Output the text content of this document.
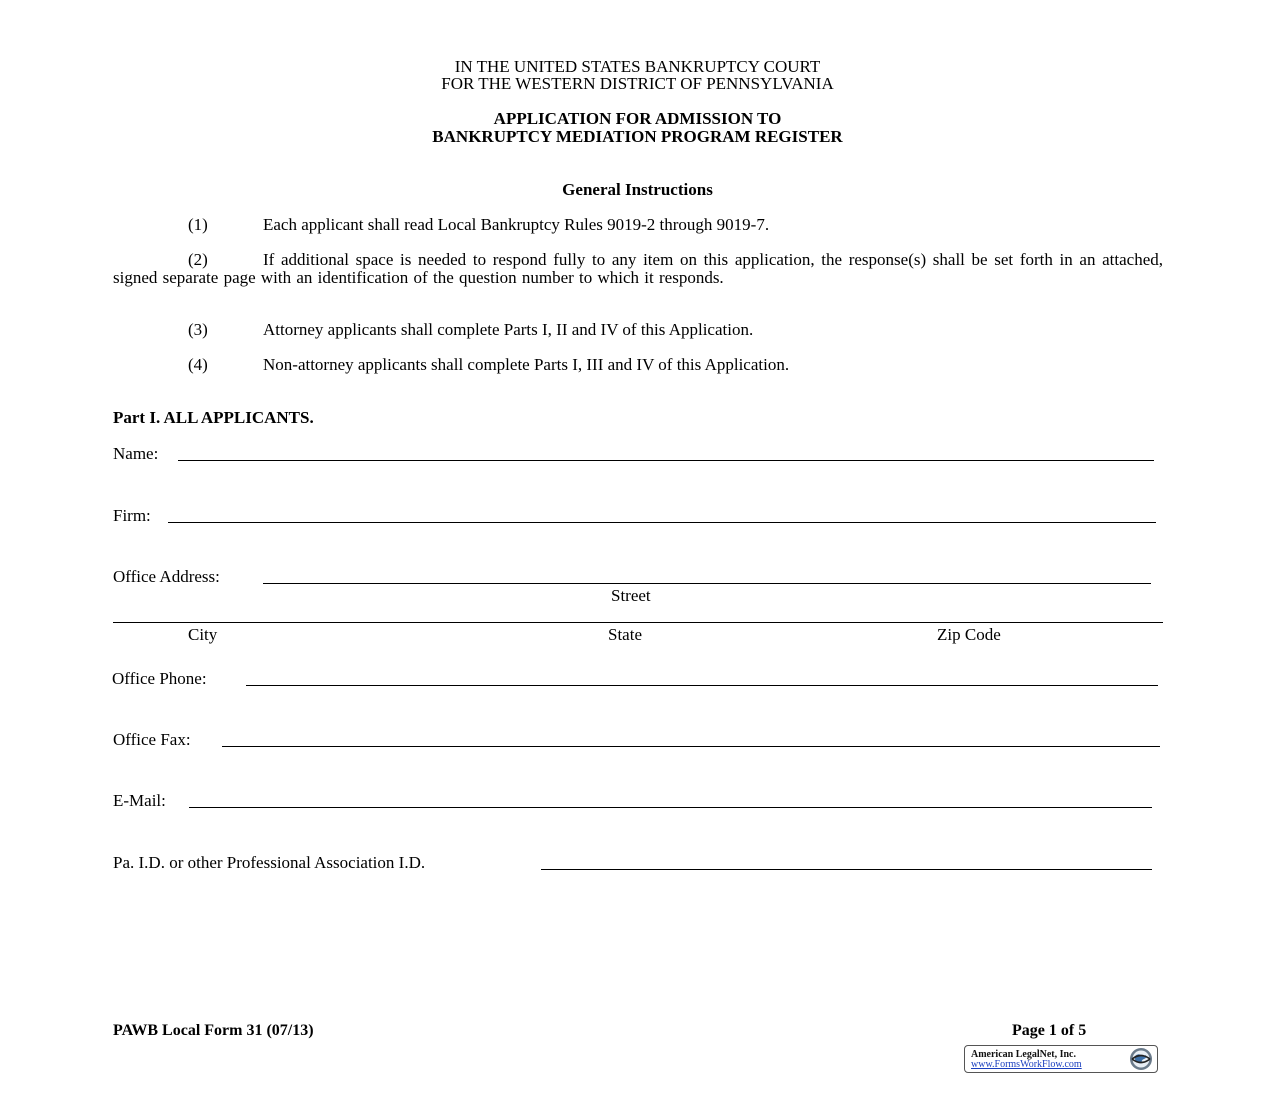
IN THE UNITED STATES BANKRUPTCY COURT
FOR THE WESTERN DISTRICT OF PENNSYLVANIA
APPLICATION FOR ADMISSION TO
BANKRUPTCY MEDIATION PROGRAM REGISTER
General Instructions
(1)	Each applicant shall read Local Bankruptcy Rules 9019-2 through 9019-7.
(2)	If additional space is needed to respond fully to any item on this application, the response(s) shall be set forth in an attached, signed separate page with an identification of the question number to which it responds.
(3)	Attorney applicants shall complete Parts I, II and IV of this Application.
(4)	Non-attorney applicants shall complete Parts I, III and IV of this Application.
Part I. ALL APPLICANTS.
Name:
Firm:
Office Address:
Street
City	State	Zip Code
Office Phone:
Office Fax:
E-Mail:
Pa. I.D. or other Professional Association I.D.
PAWB Local Form 31 (07/13)	Page 1 of 5
American LegalNet, Inc.
www.FormsWorkFlow.com
